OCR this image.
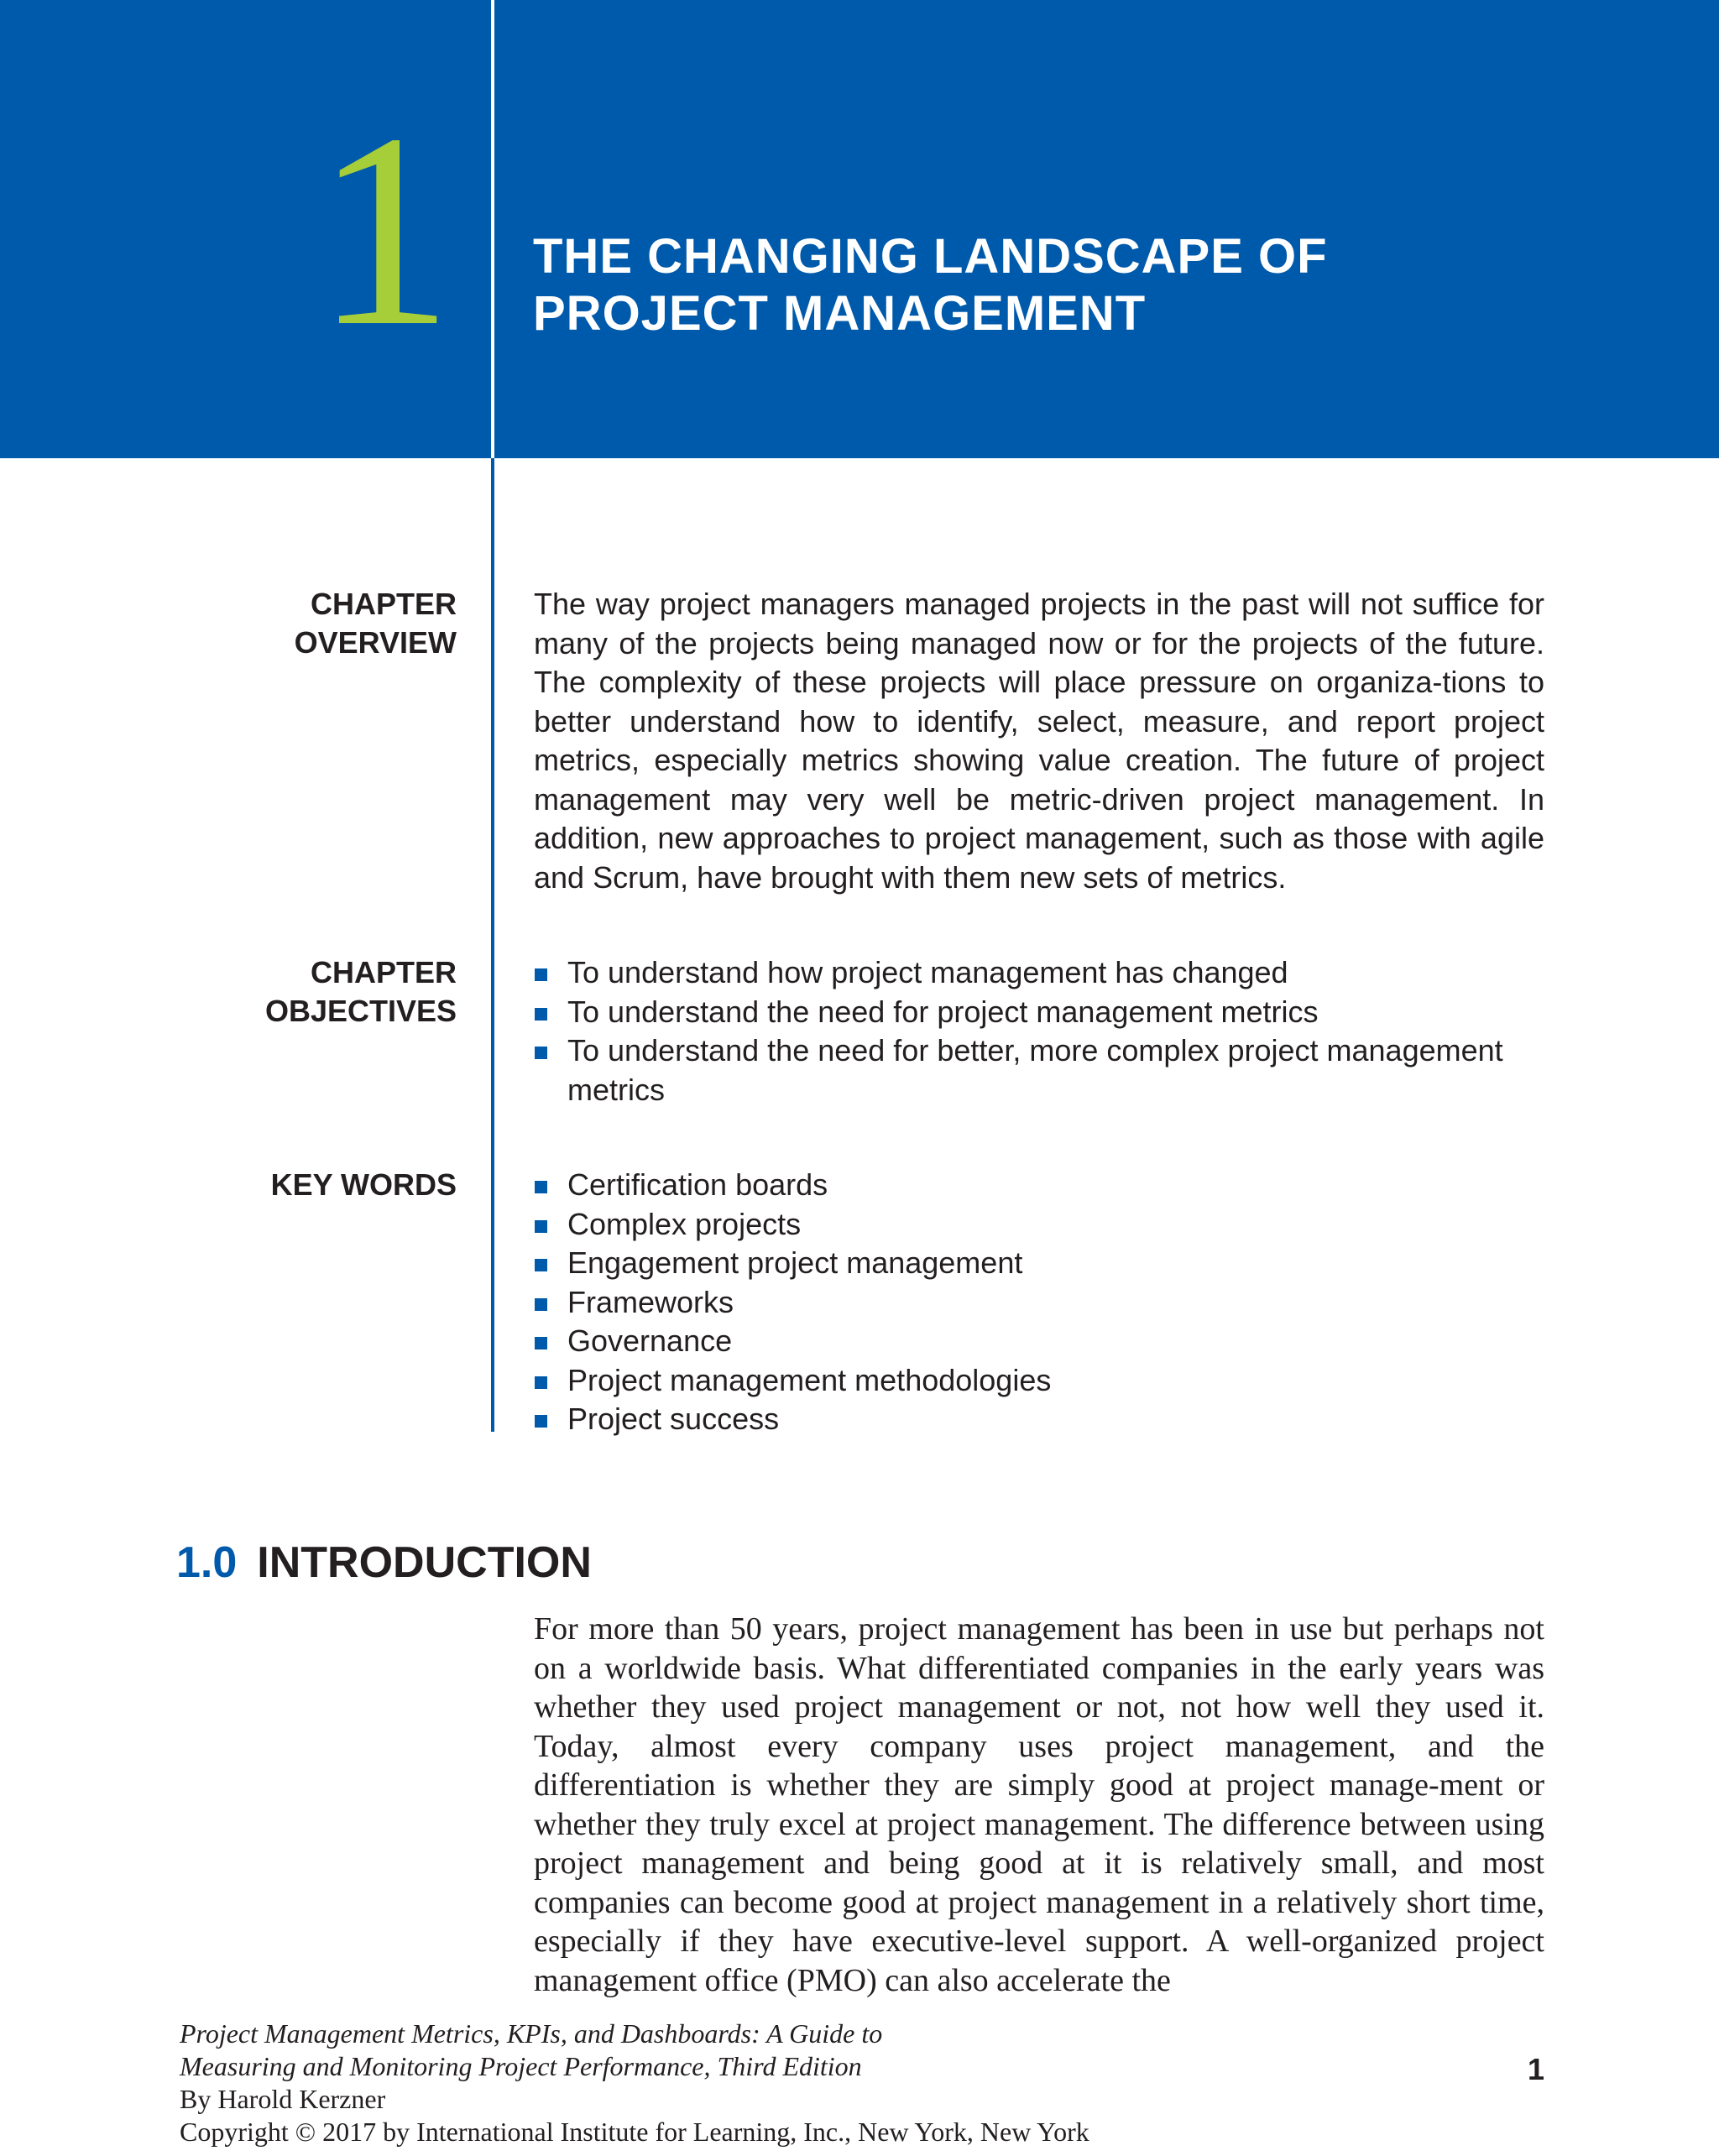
1 THE CHANGING LANDSCAPE OF
PROJECT MANAGEMENT
CHAPTER
OVERVIEW
The way project managers managed projects in the past will not suffice for many of the projects being managed now or for the projects of the future. The complexity of these projects will place pressure on organiza-tions to better understand how to identify, select, measure, and report project metrics, especially metrics showing value creation. The future of project management may very well be metric-driven project management. In addition, new approaches to project management, such as those with agile and Scrum, have brought with them new sets of metrics.
CHAPTER
OBJECTIVES
To understand how project management has changed
To understand the need for project management metrics
To understand the need for better, more complex project management metrics
KEY WORDS	Certification boards
Complex projects
Engagement project management
Frameworks
Governance
Project management methodologies
Project success
1.0 INTRODUCTION
For more than 50 years, project management has been in use but perhaps not on a worldwide basis. What differentiated companies in the early years was whether they used project management or not, not how well they used it. Today, almost every company uses project management, and the differentiation is whether they are simply good at project manage-ment or whether they truly excel at project management. The difference between using project management and being good at it is relatively small, and most companies can become good at project management in a relatively short time, especially if they have executive-level support. A well-organized project management office (PMO) can also accelerate the
Project Management Metrics, KPIs, and Dashboards: A Guide to
Measuring and Monitoring Project Performance, Third Edition
By Harold Kerzner
Copyright © 2017 by International Institute for Learning, Inc., New York, New York
1
